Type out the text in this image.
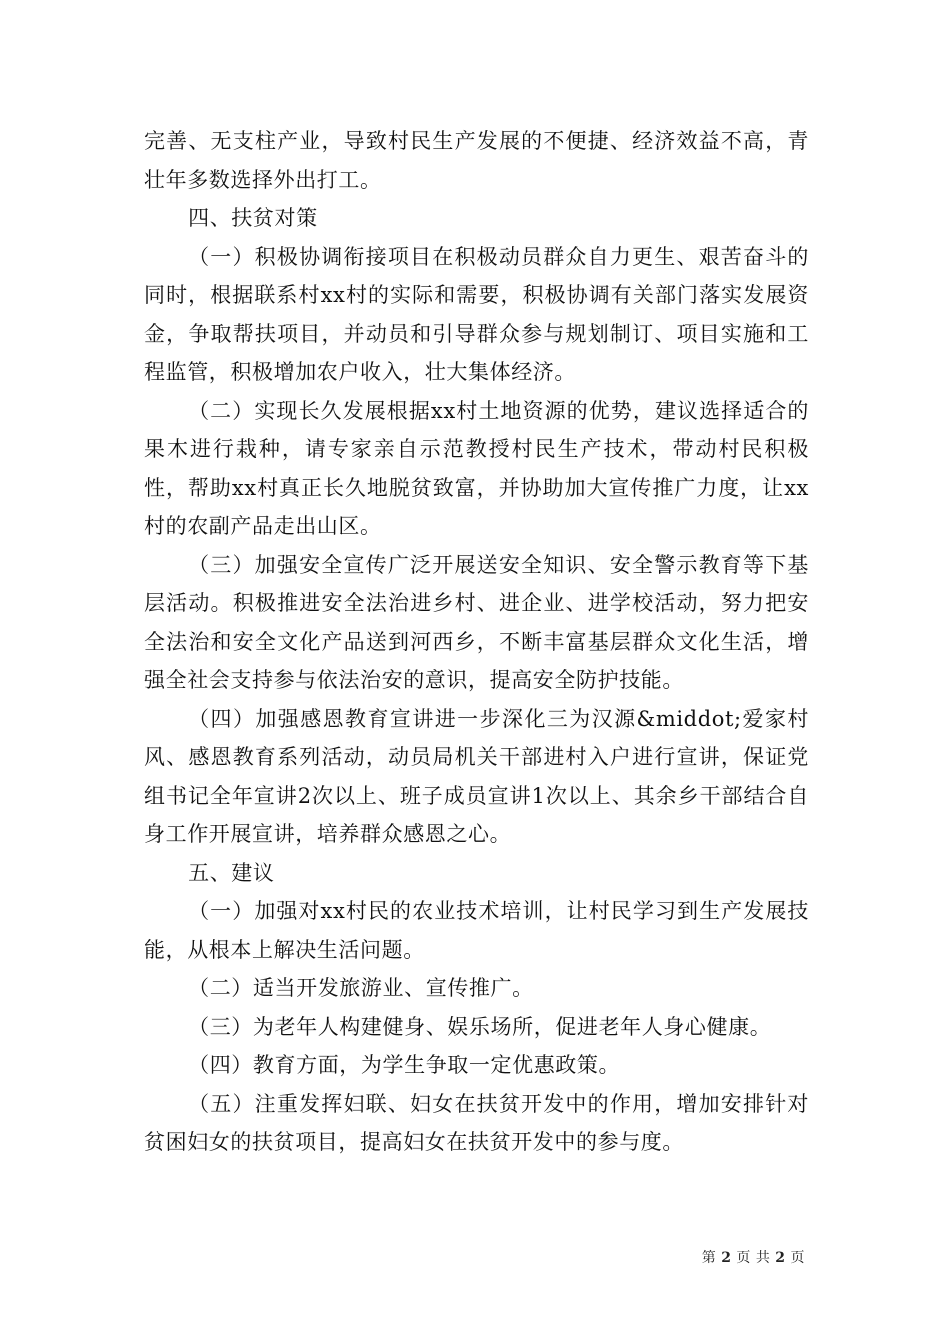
完善、无支柱产业，导致村民生产发展的不便捷、经济效益不高，青壮年多数选择外出打工。

四、扶贫对策

（一）积极协调衔接项目在积极动员群众自力更生、艰苦奋斗的同时，根据联系村xx村的实际和需要，积极协调有关部门落实发展资金，争取帮扶项目，并动员和引导群众参与规划制订、项目实施和工程监管，积极增加农户收入，壮大集体经济。

（二）实现长久发展根据xx村土地资源的优势，建议选择适合的果木进行栽种，请专家亲自示范教授村民生产技术，带动村民积极性，帮助xx村真正长久地脱贫致富，并协助加大宣传推广力度，让xx村的农副产品走出山区。

（三）加强安全宣传广泛开展送安全知识、安全警示教育等下基层活动。积极推进安全法治进乡村、进企业、进学校活动，努力把安全法治和安全文化产品送到河西乡，不断丰富基层群众文化生活，增强全社会支持参与依法治安的意识，提高安全防护技能。

（四）加强感恩教育宣讲进一步深化三为汉源&middot;爱家村风、感恩教育系列活动，动员局机关干部进村入户进行宣讲，保证党组书记全年宣讲2次以上、班子成员宣讲1次以上、其余乡干部结合自身工作开展宣讲，培养群众感恩之心。

五、建议

（一）加强对xx村民的农业技术培训，让村民学习到生产发展技能，从根本上解决生活问题。

（二）适当开发旅游业、宣传推广。

（三）为老年人构建健身、娱乐场所，促进老年人身心健康。

（四）教育方面，为学生争取一定优惠政策。

（五）注重发挥妇联、妇女在扶贫开发中的作用，增加安排针对贫困妇女的扶贫项目，提高妇女在扶贫开发中的参与度。

第 2 页 共 2 页
